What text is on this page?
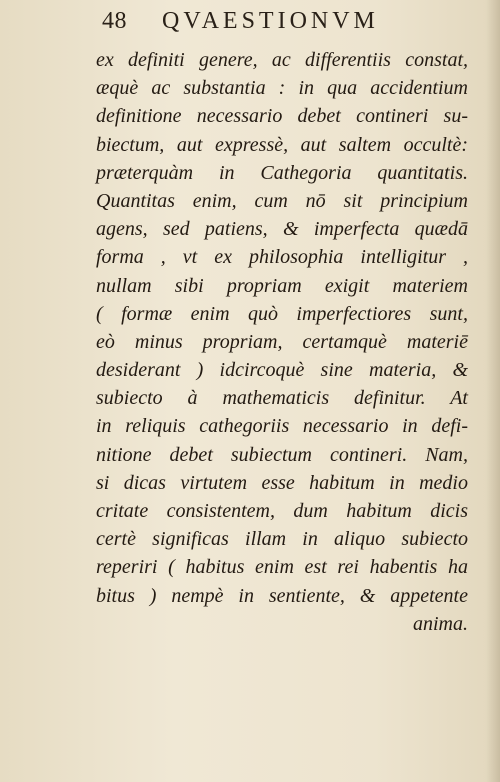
48 QVAESTIONVM
ex definiti genere, ac differentiis constat,
æquè ac substantia : in qua accidentium
definitione necessario debet contineri su-
biectum, aut expressè, aut saltem occultè:
præterquàm in Cathegoria quantitatis.
Quantitas enim, cum nō sit principium
agens, sed patiens, & imperfecta quædā
forma , vt ex philosophia intelligitur ,
nullam sibi propriam exigit materiem
( formæ enim quò imperfectiores sunt,
eò minus propriam, certamquè materiē
desiderant ) idcircoquè sine materia, &
subiecto à mathematicis definitur. At
in reliquis cathegoriis necessario in defi-
nitione debet subiectum contineri. Nam,
si dicas virtutem esse habitum in medio
critate consistentem, dum habitum dicis
certè significas illam in aliquo subiecto
reperiri ( habitus enim est rei habentis ha
bitus ) nempè in sentiente, & appetente
anima.
